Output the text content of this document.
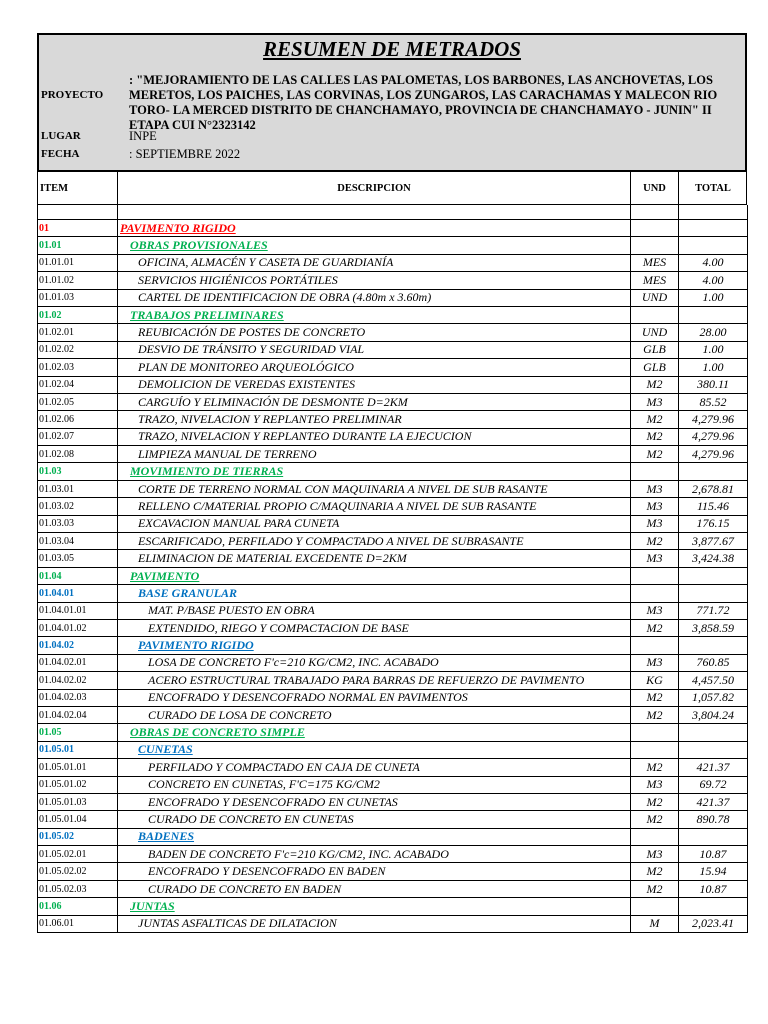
RESUMEN DE METRADOS
PROYECTO
: "MEJORAMIENTO DE LAS CALLES LAS PALOMETAS, LOS BARBONES, LAS ANCHOVETAS, LOS MERETOS, LOS PAICHES, LAS CORVINAS, LOS ZUNGAROS, LAS CARACHAMAS Y MALECON RIO TORO- LA MERCED DISTRITO DE CHANCHAMAYO, PROVINCIA DE CHANCHAMAYO - JUNIN" II ETAPA CUI N°2323142
LUGAR	INPE
FECHA	: SEPTIEMBRE 2022
ITEM	DESCRIPCION	UND	TOTAL

01	PAVIMENTO RIGIDO		
01.01	OBRAS PROVISIONALES		
01.01.01	OFICINA, ALMACÉN Y CASETA DE GUARDIANÍA	MES	4.00
01.01.02	SERVICIOS HIGIÉNICOS PORTÁTILES	MES	4.00
01.01.03	CARTEL DE IDENTIFICACION DE OBRA (4.80m x 3.60m)	UND	1.00
01.02	TRABAJOS PRELIMINARES		
01.02.01	REUBICACIÓN DE POSTES DE CONCRETO	UND	28.00
01.02.02	DESVIO DE TRÁNSITO Y SEGURIDAD VIAL	GLB	1.00
01.02.03	PLAN DE MONITOREO ARQUEOLÓGICO	GLB	1.00
01.02.04	DEMOLICION DE VEREDAS EXISTENTES	M2	380.11
01.02.05	CARGUÍO Y ELIMINACIÓN DE DESMONTE D=2KM	M3	85.52
01.02.06	TRAZO, NIVELACION Y REPLANTEO PRELIMINAR	M2	4,279.96
01.02.07	TRAZO, NIVELACION Y REPLANTEO DURANTE LA EJECUCION	M2	4,279.96
01.02.08	LIMPIEZA MANUAL DE TERRENO	M2	4,279.96
01.03	MOVIMIENTO DE TIERRAS		
01.03.01	CORTE DE TERRENO NORMAL CON MAQUINARIA A NIVEL DE SUB RASANTE	M3	2,678.81
01.03.02	RELLENO C/MATERIAL PROPIO C/MAQUINARIA A NIVEL DE SUB RASANTE	M3	115.46
01.03.03	EXCAVACION MANUAL PARA CUNETA	M3	176.15
01.03.04	ESCARIFICADO, PERFILADO Y COMPACTADO A NIVEL DE SUBRASANTE	M2	3,877.67
01.03.05	ELIMINACION DE MATERIAL EXCEDENTE D=2KM	M3	3,424.38
01.04	PAVIMENTO		
01.04.01	BASE GRANULAR		
01.04.01.01	MAT. P/BASE PUESTO EN OBRA	M3	771.72
01.04.01.02	EXTENDIDO, RIEGO Y COMPACTACION DE BASE	M2	3,858.59
01.04.02	PAVIMENTO RIGIDO		
01.04.02.01	LOSA DE CONCRETO F'c=210 KG/CM2, INC. ACABADO	M3	760.85
01.04.02.02	ACERO ESTRUCTURAL TRABAJADO PARA BARRAS DE REFUERZO DE PAVIMENTO	KG	4,457.50
01.04.02.03	ENCOFRADO Y DESENCOFRADO NORMAL EN PAVIMENTOS	M2	1,057.82
01.04.02.04	CURADO DE LOSA DE CONCRETO	M2	3,804.24
01.05	OBRAS DE CONCRETO SIMPLE		
01.05.01	CUNETAS		
01.05.01.01	PERFILADO Y COMPACTADO EN CAJA DE CUNETA	M2	421.37
01.05.01.02	CONCRETO EN CUNETAS, F'C=175 KG/CM2	M3	69.72
01.05.01.03	ENCOFRADO Y DESENCOFRADO EN CUNETAS	M2	421.37
01.05.01.04	CURADO DE CONCRETO EN CUNETAS	M2	890.78
01.05.02	BADENES		
01.05.02.01	BADEN DE CONCRETO F'c=210 KG/CM2, INC. ACABADO	M3	10.87
01.05.02.02	ENCOFRADO Y DESENCOFRADO EN BADEN	M2	15.94
01.05.02.03	CURADO DE CONCRETO EN BADEN	M2	10.87
01.06	JUNTAS		
01.06.01	JUNTAS ASFALTICAS DE DILATACION	M	2,023.41
